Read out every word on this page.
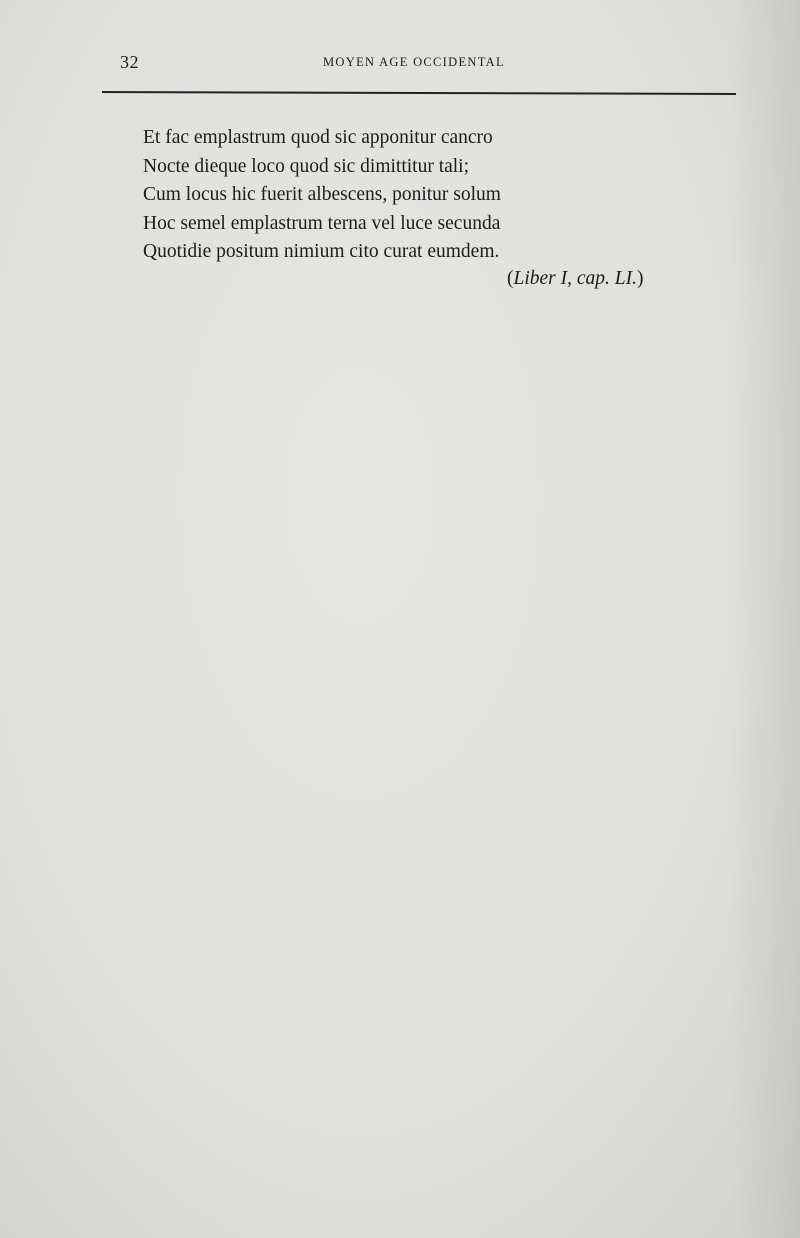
32	MOYEN AGE OCCIDENTAL
Et fac emplastrum quod sic apponitur cancro
Nocte dieque loco quod sic dimittitur tali;
Cum locus hic fuerit albescens, ponitur solum
Hoc semel emplastrum terna vel luce secunda
Quotidie positum nimium cito curat eumdem.
(Liber I, cap. LI.)
